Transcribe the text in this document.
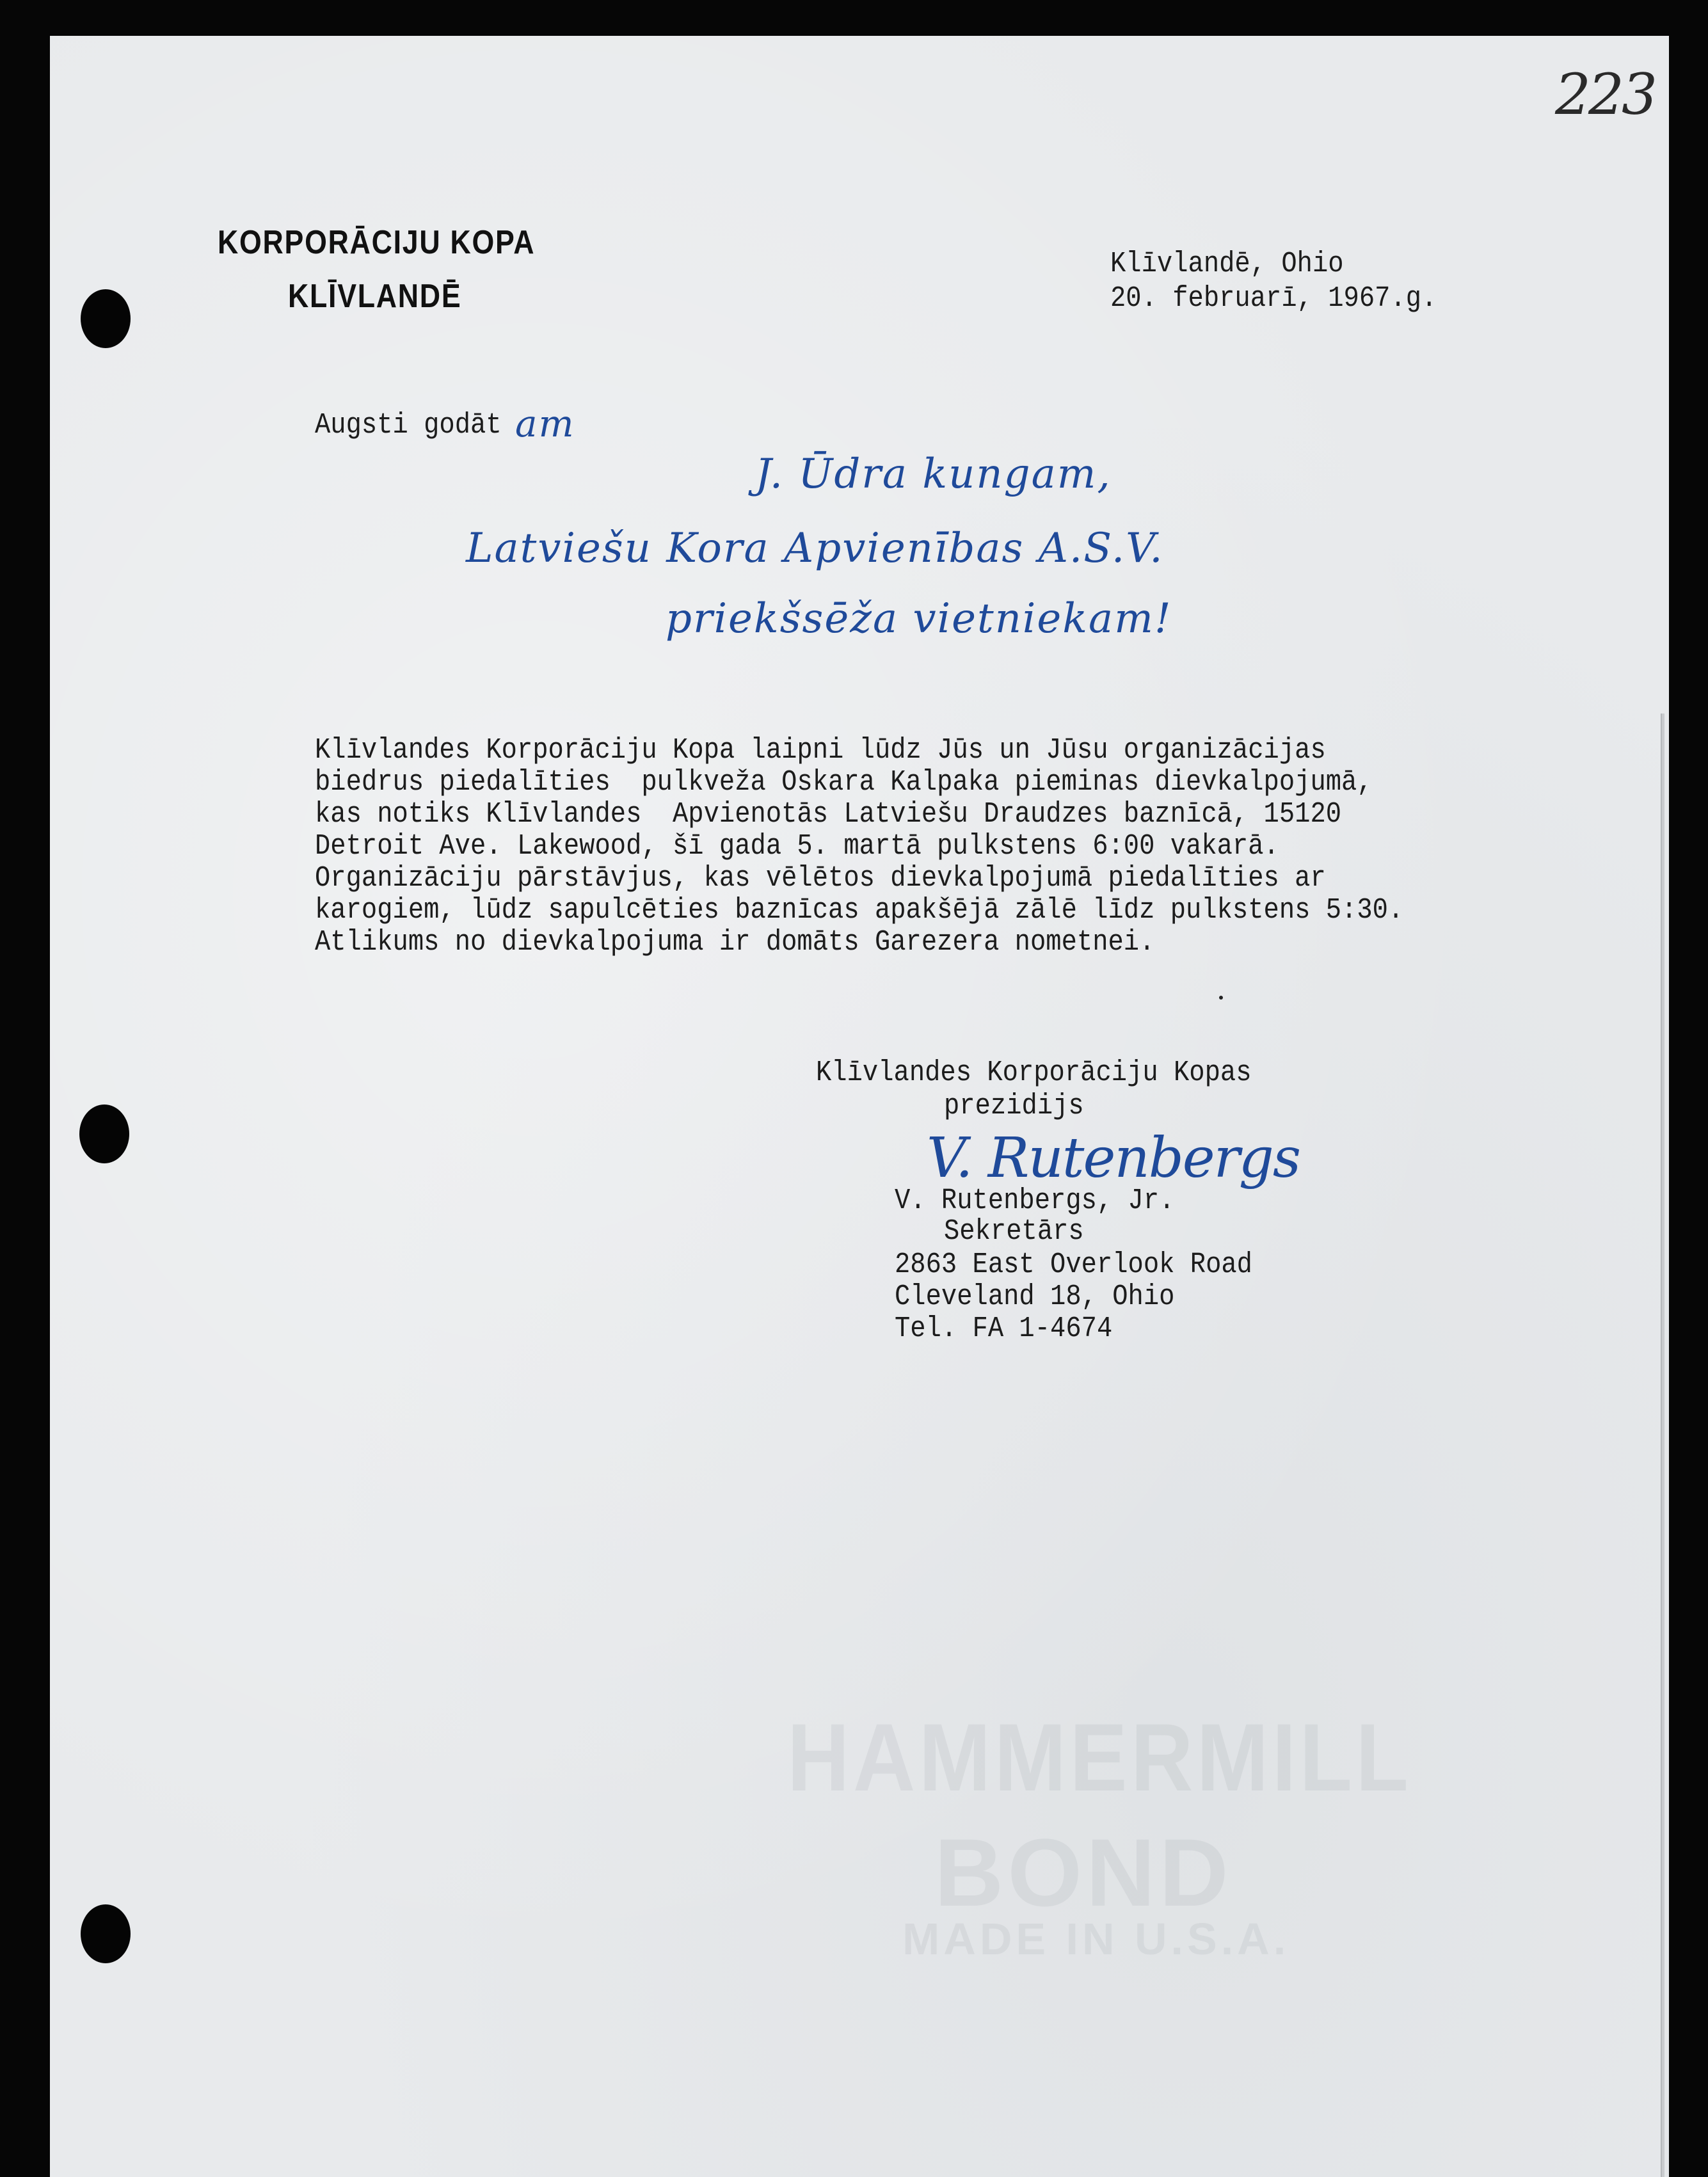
HAMMERMILL
BOND
MADE IN U.S.A.
223
KORPORĀCIJU KOPA
KLĪVLANDĒ
Klīvlandē, Ohio
20. februarī, 1967.g.
Augsti godāt am
J. Ūdra kungam,
Latviešu Kora Apvienības A.S.V.
priekšsēža vietniekam!
Klīvlandes Korporāciju Kopa laipni lūdz Jūs un Jūsu organizācijas
biedrus piedalīties  pulkveža Oskara Kalpaka pieminas dievkalpojumā,
kas notiks Klīvlandes  Apvienotās Latviešu Draudzes baznīcā, 15120
Detroit Ave. Lakewood, šī gada 5. martā pulkstens 6:00 vakarā.
Organizāciju pārstāvjus, kas vēlētos dievkalpojumā piedalīties ar
karogiem, lūdz sapulcēties baznīcas apakšējā zālē līdz pulkstens 5:30.
Atlikums no dievkalpojuma ir domāts Garezera nometnei.
Klīvlandes Korporāciju Kopas
prezidijs
V. Rutenbergs
V. Rutenbergs, Jr.
Sekretārs
2863 East Overlook Road
Cleveland 18, Ohio
Tel. FA 1-4674
